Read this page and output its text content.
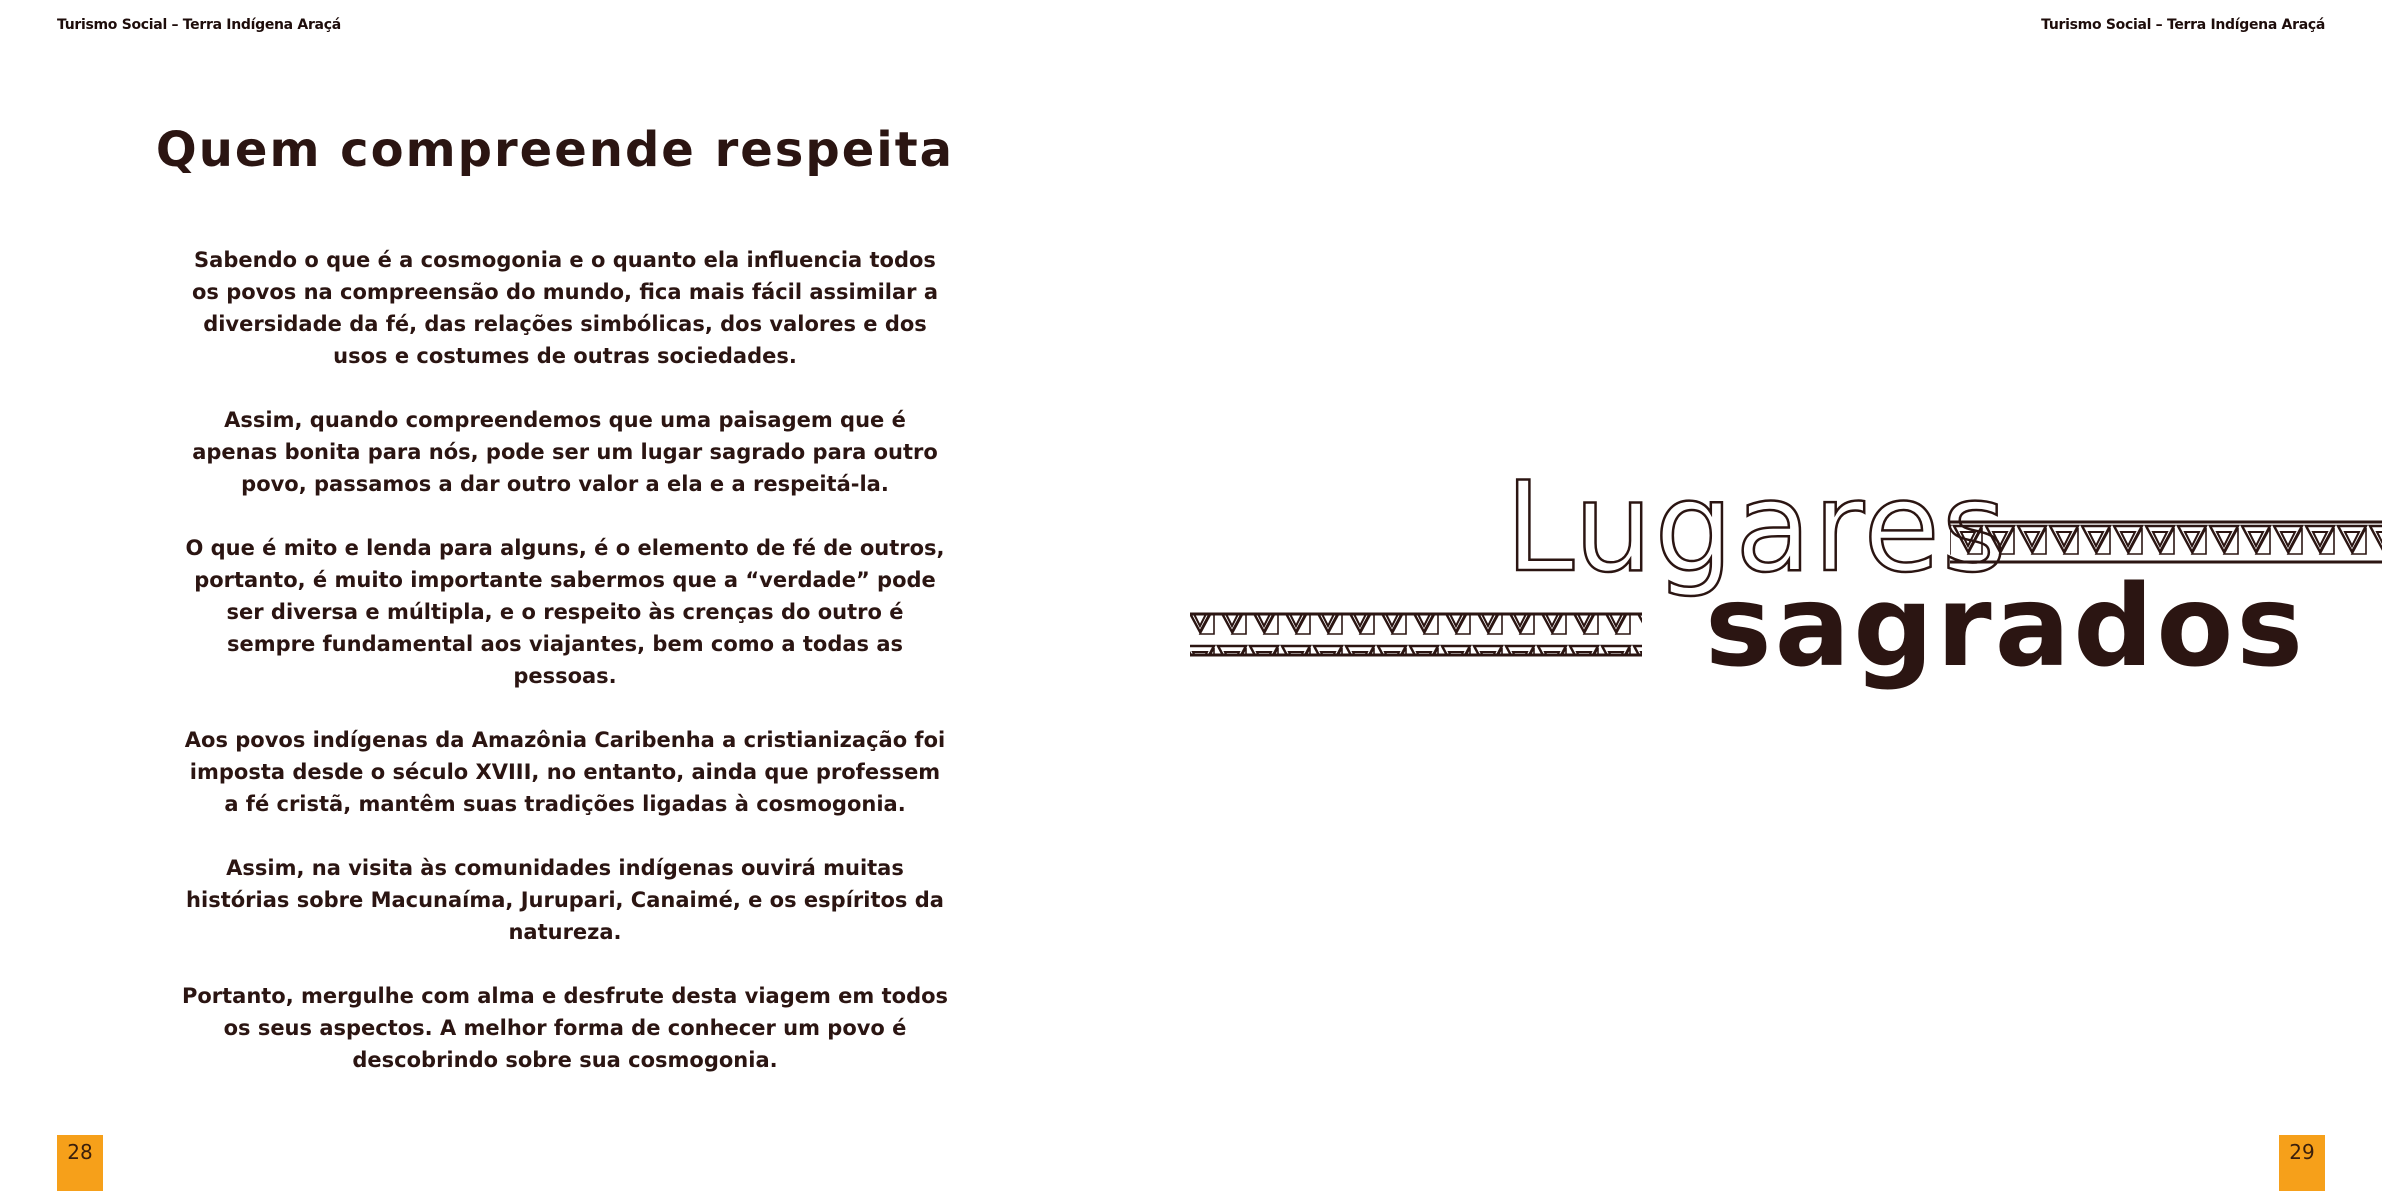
Turismo Social – Terra Indígena Araçá	Turismo Social – Terra Indígena Araçá
Quem compreende respeita

Sabendo o que é a cosmogonia e o quanto ela influencia todos os povos na compreensão do mundo, fica mais fácil assimilar a diversidade da fé, das relações simbólicas, dos valores e dos usos e costumes de outras sociedades.

Assim, quando compreendemos que uma paisagem que é apenas bonita para nós, pode ser um lugar sagrado para outro povo, passamos a dar outro valor a ela e a respeitá-la.

O que é mito e lenda para alguns, é o elemento de fé de outros, portanto, é muito importante sabermos que a “verdade” pode ser diversa e múltipla, e o respeito às crenças do outro é sempre fundamental aos viajantes, bem como a todas as pessoas.

Aos povos indígenas da Amazônia Caribenha a cristianização foi imposta desde o século XVIII, no entanto, ainda que professem a fé cristã, mantêm suas tradições ligadas à cosmogonia.

Assim, na visita às comunidades indígenas ouvirá muitas histórias sobre Macunaíma, Jurupari, Canaimé, e os espíritos da natureza.

Portanto, mergulhe com alma e desfrute desta viagem em todos os seus aspectos. A melhor forma de conhecer um povo é descobrindo sobre sua cosmogonia.

Lugares
sagrados
28	29
